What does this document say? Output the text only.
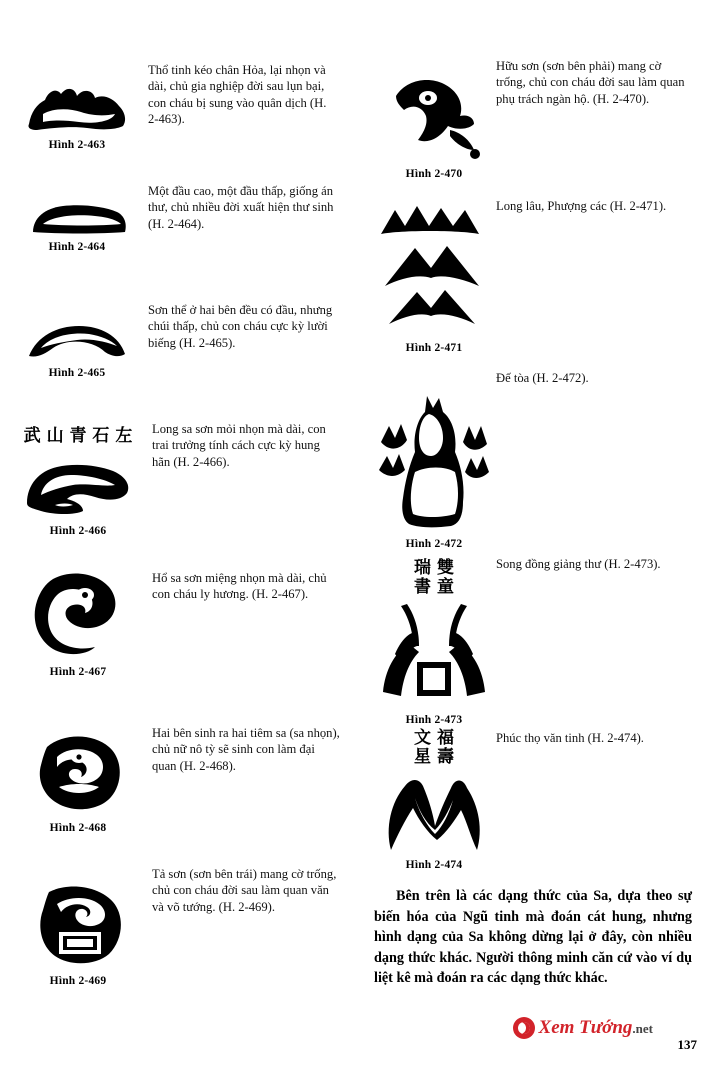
Hình 2-463

Thổ tinh kéo chân Hỏa, lại nhọn và dài, chủ gia nghiệp đời sau lụn bại, con cháu bị sung vào quân dịch (H. 2-463).

Hình 2-464

Một đầu cao, một đầu thấp, giống án thư, chủ nhiều đời xuất hiện thư sinh (H. 2-464).

Hình 2-465

Sơn thể ở hai bên đều có đầu, nhưng chúi thấp, chủ con cháu cực kỳ lười biếng (H. 2-465).

武 山 青 石 左
Hình 2-466

Long sa sơn mỏi nhọn mà dài, con trai trưởng tính cách cực kỳ hung hãn (H. 2-466).

Hình 2-467

Hổ sa sơn miệng nhọn mà dài, chủ con cháu ly hương. (H. 2-467).

Hình 2-468

Hai bên sinh ra hai tiêm sa (sa nhọn), chủ nữ nô tỳ sẽ sinh con làm đại quan (H. 2-468).

Hình 2-469

Tả sơn (sơn bên trái) mang cờ trống, chủ con cháu đời sau làm quan văn và võ tướng. (H. 2-469).

Hình 2-470

Hữu sơn (sơn bên phải) mang cờ trống, chủ con cháu đời sau làm quan phụ trách ngàn hộ. (H. 2-470).

Hình 2-471

Long lâu, Phượng các (H. 2-471).

Hình 2-472

Đế tòa (H. 2-472).

瑞 雙
書 童
Hình 2-473

Song đồng giảng thư (H. 2-473).

文 福
星 壽
Hình 2-474

Phúc thọ văn tinh (H. 2-474).

Bên trên là các dạng thức của Sa, dựa theo sự biến hóa của Ngũ tinh mà đoán cát hung, nhưng hình dạng của Sa không dừng lại ở đây, còn nhiều dạng thức khác. Người thông minh căn cứ vào ví dụ liệt kê mà đoán ra các dạng thức khác.

Xem Tướng.net
137
